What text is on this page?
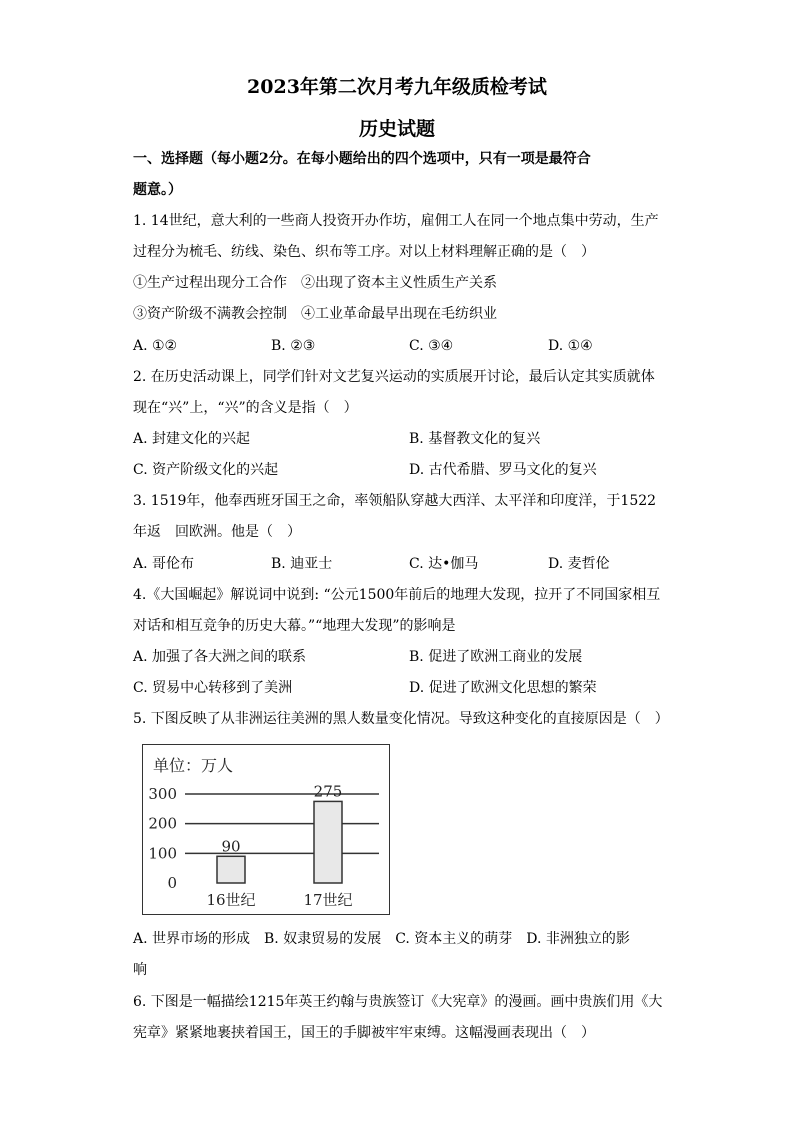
2023年第二次月考九年级质检考试
历史试题
一、选择题（每小题2分。在每小题给出的四个选项中，只有一项是最符合
题意。）
1. 14世纪，意大利的一些商人投资开办作坊，雇佣工人在同一个地点集中劳动，生产
过程分为梳毛、纺线、染色、织布等工序。对以上材料理解正确的是（　）
①生产过程出现分工合作　②出现了资本主义性质生产关系
③资产阶级不满教会控制　④工业革命最早出现在毛纺织业
A. ①②	B. ②③	C. ③④	D. ①④
2. 在历史活动课上，同学们针对文艺复兴运动的实质展开讨论，最后认定其实质就体
现在“兴”上，“兴”的含义是指（　）
A. 封建文化的兴起	B. 基督教文化的复兴
C. 资产阶级文化的兴起	D. 古代希腊、罗马文化的复兴
3. 1519年，他奉西班牙国王之命，率领船队穿越大西洋、太平洋和印度洋，于1522
年返　回欧洲。他是（　）
A. 哥伦布	B. 迪亚士	C. 达•伽马	D. 麦哲伦
4.《大国崛起》解说词中说到: “公元1500年前后的地理大发现，拉开了不同国家相互
对话和相互竞争的历史大幕。”“地理大发现”的影响是
A. 加强了各大洲之间的联系	B. 促进了欧洲工商业的发展
C. 贸易中心转移到了美洲	D. 促进了欧洲文化思想的繁荣
5. 下图反映了从非洲运往美洲的黑人数量变化情况。导致这种变化的直接原因是（　）
单位：万人
0
100
200
300
90
16世纪
275
17世纪
A. 世界市场的形成　B. 奴隶贸易的发展　C. 资本主义的萌芽　D. 非洲独立的影
响
6. 下图是一幅描绘1215年英王约翰与贵族签订《大宪章》的漫画。画中贵族们用《大
宪章》紧紧地裹挟着国王，国王的手脚被牢牢束缚。这幅漫画表现出（　）
